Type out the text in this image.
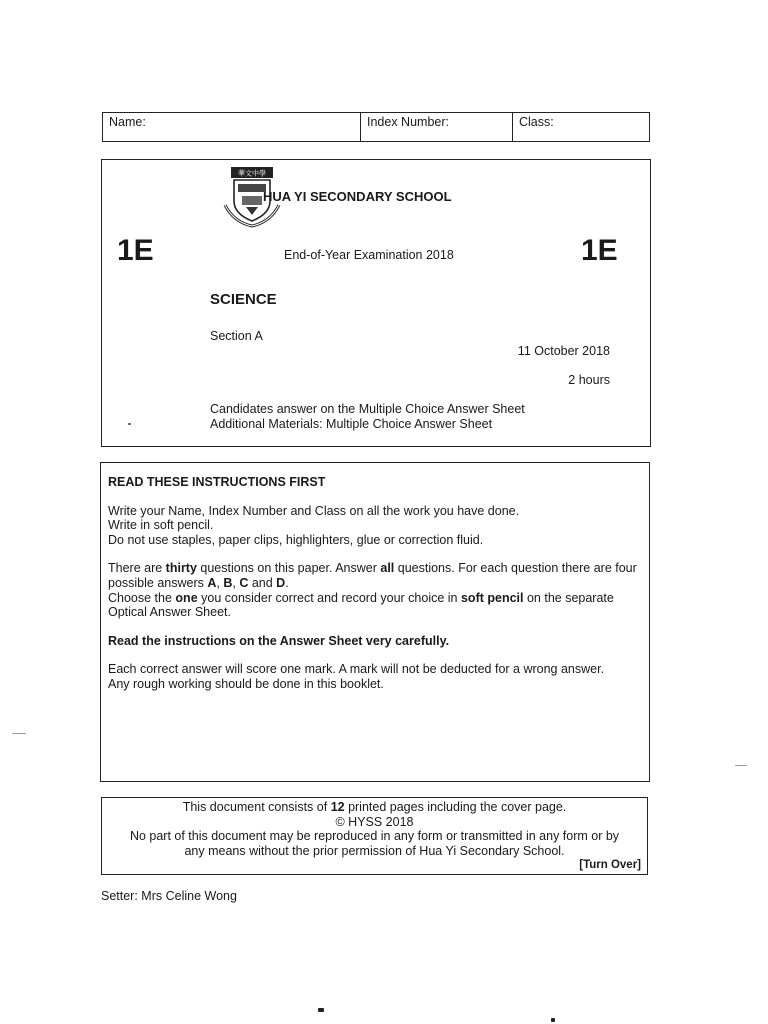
Name:	Index Number:	Class:
華文中學
HUA YI SECONDARY SCHOOL
1E	End-of-Year Examination 2018	1E
SCIENCE
Section A
11 October 2018
2 hours
Candidates answer on the Multiple Choice Answer Sheet
Additional Materials: Multiple Choice Answer Sheet

READ THESE INSTRUCTIONS FIRST

Write your Name, Index Number and Class on all the work you have done.
Write in soft pencil.
Do not use staples, paper clips, highlighters, glue or correction fluid.

There are thirty questions on this paper. Answer all questions. For each question there are four possible answers A, B, C and D.

Choose the one you consider correct and record your choice in soft pencil on the separate Optical Answer Sheet.

Read the instructions on the Answer Sheet very carefully.

Each correct answer will score one mark. A mark will not be deducted for a wrong answer.
Any rough working should be done in this booklet.

This document consists of 12 printed pages including the cover page.
© HYSS 2018
No part of this document may be reproduced in any form or transmitted in any form or by
any means without the prior permission of Hua Yi Secondary School.
[Turn Over]
Setter: Mrs Celine Wong
